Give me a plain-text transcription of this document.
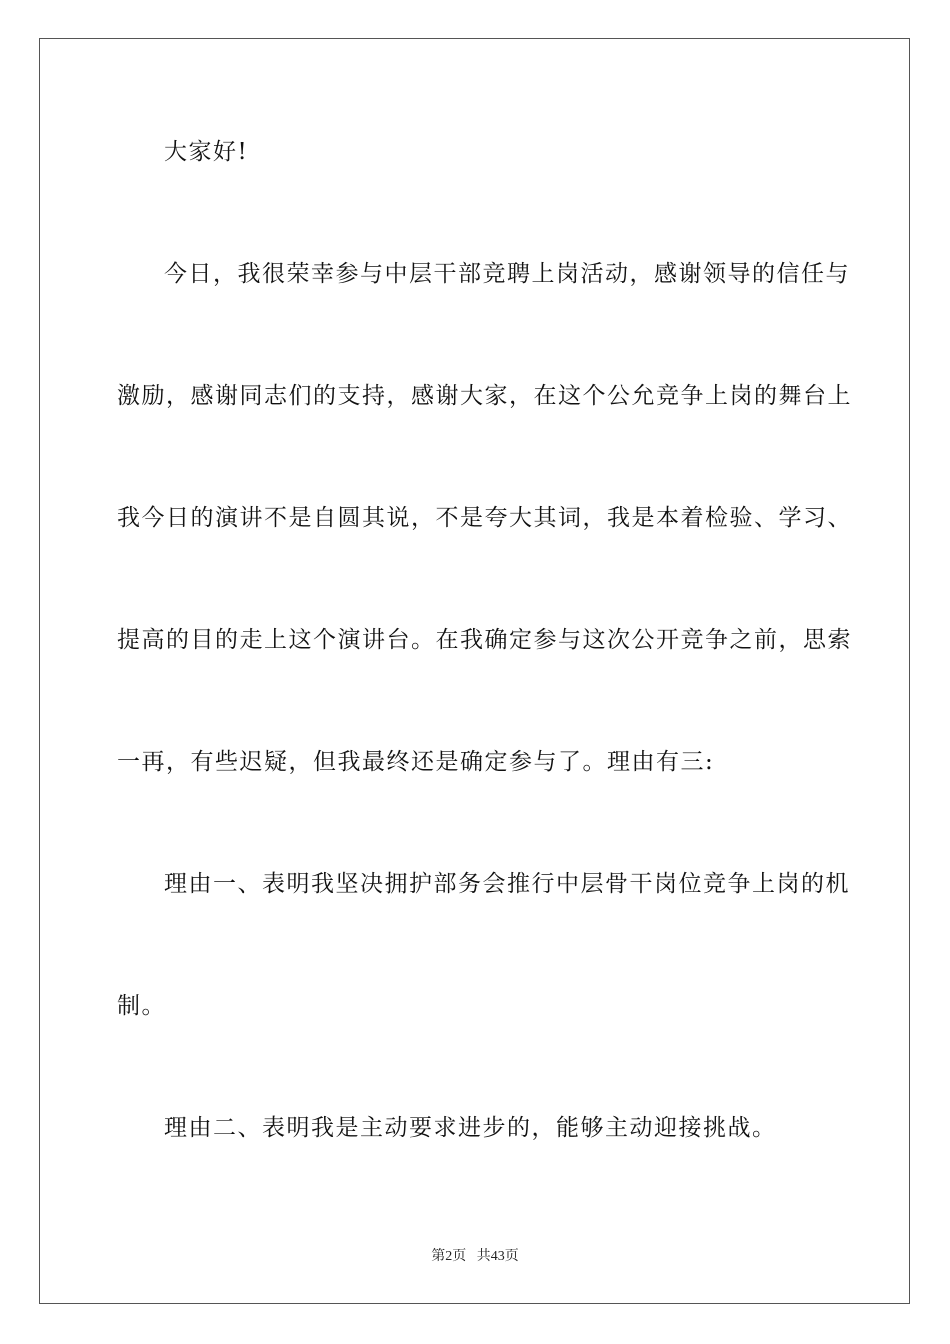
大家好!
今日，我很荣幸参与中层干部竞聘上岗活动，感谢领导的信任与
激励，感谢同志们的支持，感谢大家，在这个公允竞争上岗的舞台上
我今日的演讲不是自圆其说，不是夸大其词，我是本着检验、学习、
提高的目的走上这个演讲台。在我确定参与这次公开竞争之前，思索
一再，有些迟疑，但我最终还是确定参与了。理由有三:
理由一、表明我坚决拥护部务会推行中层骨干岗位竞争上岗的机
制。
理由二、表明我是主动要求进步的，能够主动迎接挑战。
第2页 共43页
